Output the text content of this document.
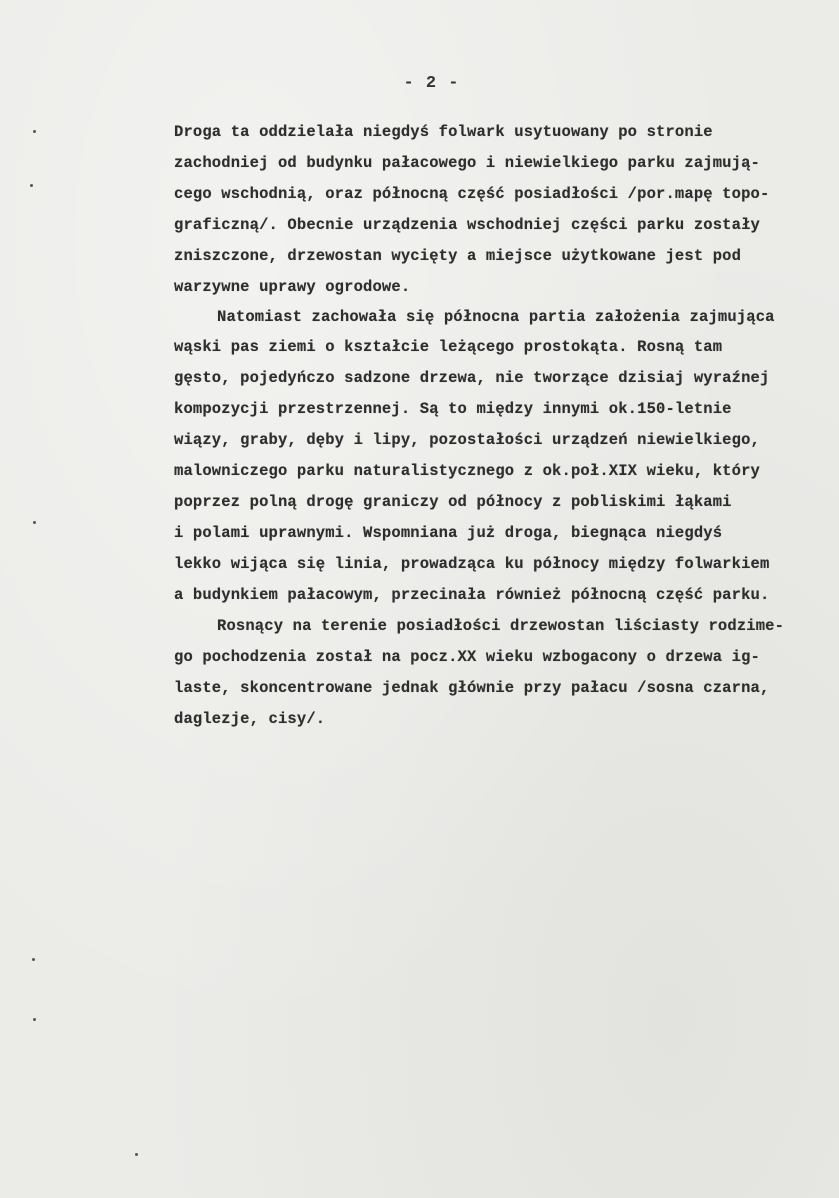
- 2 -
Droga ta oddzielała niegdyś folwark usytuowany po stronie
zachodniej od budynku pałacowego i niewielkiego parku zajmują-
cego wschodnią, oraz północną część posiadłości /por.mapę topo-
graficzną/. Obecnie urządzenia wschodniej części parku zostały
zniszczone, drzewostan wycięty a miejsce użytkowane jest pod
warzywne uprawy ogrodowe.
Natomiast zachowała się północna partia założenia zajmująca
wąski pas ziemi o kształcie leżącego prostokąta. Rosną tam
gęsto, pojedyńczo sadzone drzewa, nie tworzące dzisiaj wyraźnej
kompozycji przestrzennej. Są to między innymi ok.150-letnie
wiązy, graby, dęby i lipy, pozostałości urządzeń niewielkiego,
malowniczego parku naturalistycznego z ok.poł.XIX wieku, który
poprzez polną drogę graniczy od północy z pobliskimi łąkami
i polami uprawnymi. Wspomniana już droga, biegnąca niegdyś
lekko wijąca się linia, prowadząca ku północy między folwarkiem
a budynkiem pałacowym, przecinała również północną część parku.
Rosnący na terenie posiadłości drzewostan liściasty rodzime-
go pochodzenia został na pocz.XX wieku wzbogacony o drzewa ig-
laste, skoncentrowane jednak głównie przy pałacu /sosna czarna,
daglezje, cisy/.
